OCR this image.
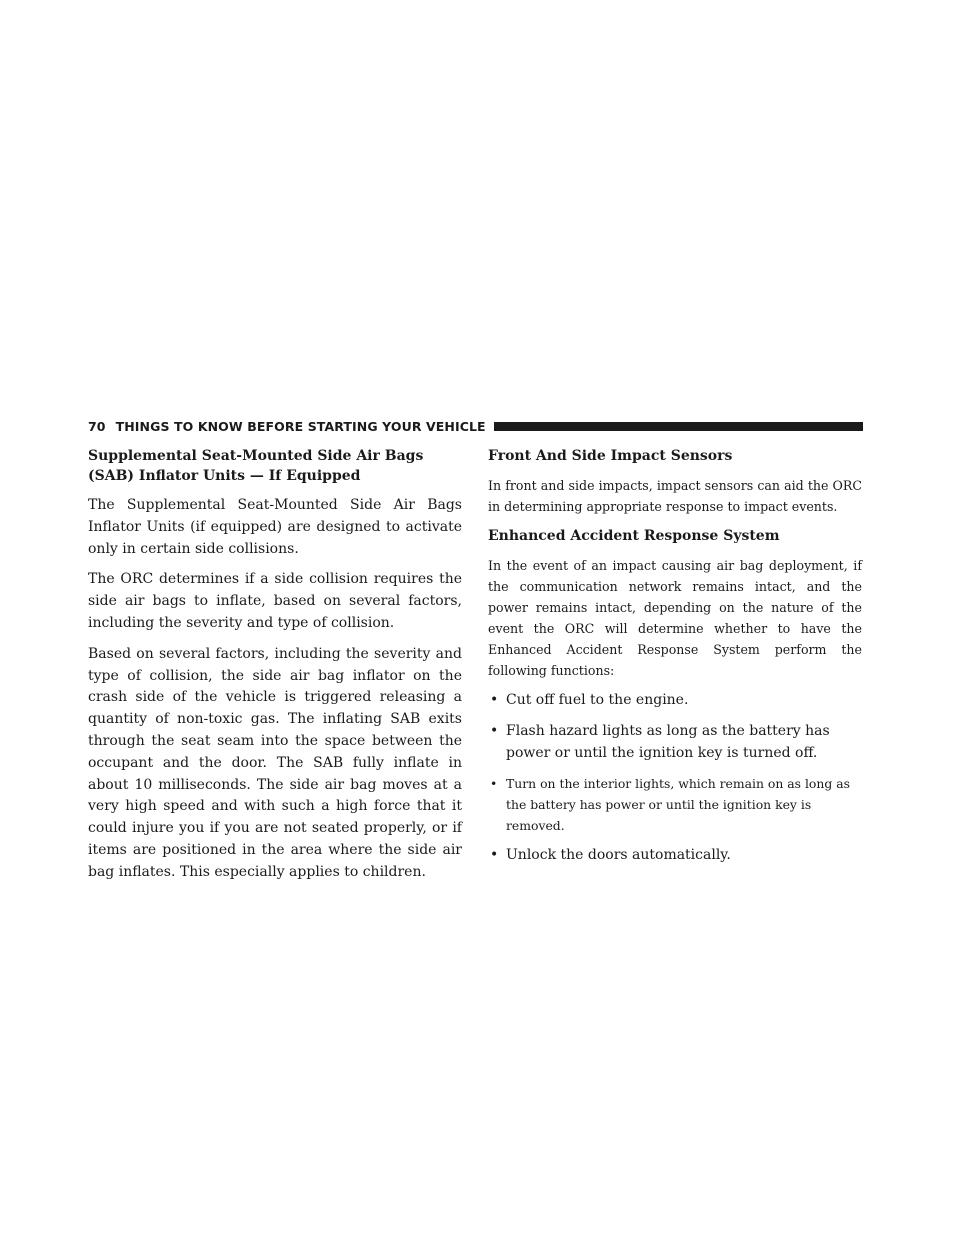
70 THINGS TO KNOW BEFORE STARTING YOUR VEHICLE
Supplemental Seat-Mounted Side Air Bags (SAB) Inflator Units — If Equipped

The Supplemental Seat-Mounted Side Air Bags Inflator Units (if equipped) are designed to activate only in certain side collisions.

The ORC determines if a side collision requires the side air bags to inflate, based on several factors, including the severity and type of collision.

Based on several factors, including the severity and type of collision, the side air bag inflator on the crash side of the vehicle is triggered releasing a quantity of non-toxic gas. The inflating SAB exits through the seat seam into the space between the occupant and the door. The SAB fully inflate in about 10 milliseconds. The side air bag moves at a very high speed and with such a high force that it could injure you if you are not seated properly, or if items are positioned in the area where the side air bag inflates. This especially applies to children.

Front And Side Impact Sensors

In front and side impacts, impact sensors can aid the ORC in determining appropriate response to impact events.

Enhanced Accident Response System

In the event of an impact causing air bag deployment, if the communication network remains intact, and the power remains intact, depending on the nature of the event the ORC will determine whether to have the Enhanced Accident Response System perform the following functions:

• Cut off fuel to the engine.
• Flash hazard lights as long as the battery has power or until the ignition key is turned off.
• Turn on the interior lights, which remain on as long as the battery has power or until the ignition key is removed.
• Unlock the doors automatically.
